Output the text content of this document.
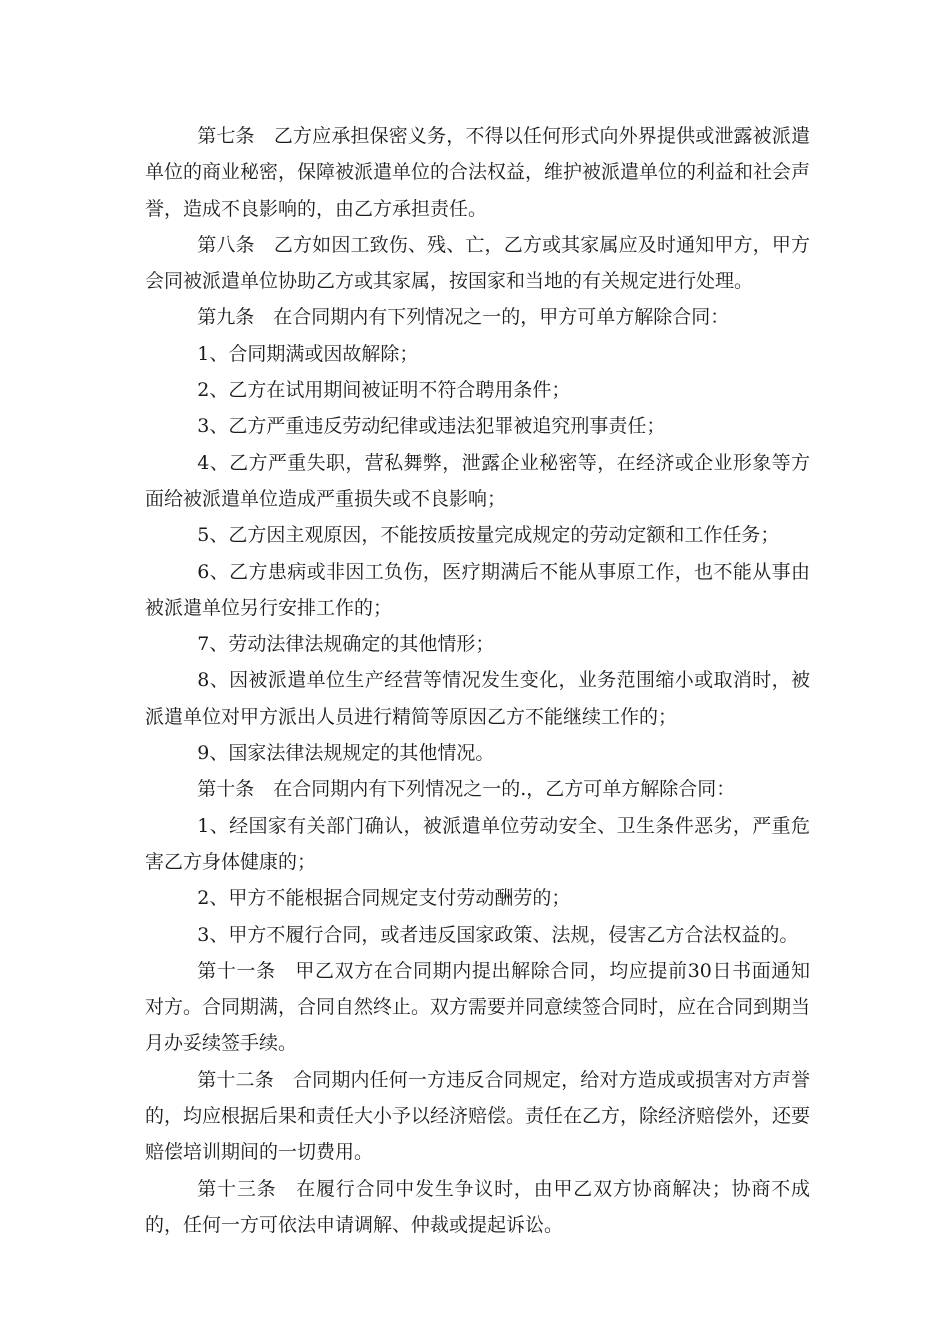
第七条　乙方应承担保密义务，不得以任何形式向外界提供或泄露被派遣单位的商业秘密，保障被派遣单位的合法权益，维护被派遣单位的利益和社会声誉，造成不良影响的，由乙方承担责任。

第八条　乙方如因工致伤、残、亡，乙方或其家属应及时通知甲方，甲方会同被派遣单位协助乙方或其家属，按国家和当地的有关规定进行处理。

第九条　在合同期内有下列情况之一的，甲方可单方解除合同：

1、合同期满或因故解除；

2、乙方在试用期间被证明不符合聘用条件；

3、乙方严重违反劳动纪律或违法犯罪被追究刑事责任；

4、乙方严重失职，营私舞弊，泄露企业秘密等，在经济或企业形象等方面给被派遣单位造成严重损失或不良影响；

5、乙方因主观原因，不能按质按量完成规定的劳动定额和工作任务；

6、乙方患病或非因工负伤，医疗期满后不能从事原工作，也不能从事由被派遣单位另行安排工作的；

7、劳动法律法规确定的其他情形；

8、因被派遣单位生产经营等情况发生变化，业务范围缩小或取消时，被派遣单位对甲方派出人员进行精简等原因乙方不能继续工作的；

9、国家法律法规规定的其他情况。

第十条　在合同期内有下列情况之一的.，乙方可单方解除合同：

1、经国家有关部门确认，被派遣单位劳动安全、卫生条件恶劣，严重危害乙方身体健康的；

2、甲方不能根据合同规定支付劳动酬劳的；

3、甲方不履行合同，或者违反国家政策、法规，侵害乙方合法权益的。

第十一条　甲乙双方在合同期内提出解除合同，均应提前30日书面通知对方。合同期满，合同自然终止。双方需要并同意续签合同时，应在合同到期当月办妥续签手续。

第十二条　合同期内任何一方违反合同规定，给对方造成或损害对方声誉的，均应根据后果和责任大小予以经济赔偿。责任在乙方，除经济赔偿外，还要赔偿培训期间的一切费用。

第十三条　在履行合同中发生争议时，由甲乙双方协商解决；协商不成的，任何一方可依法申请调解、仲裁或提起诉讼。
